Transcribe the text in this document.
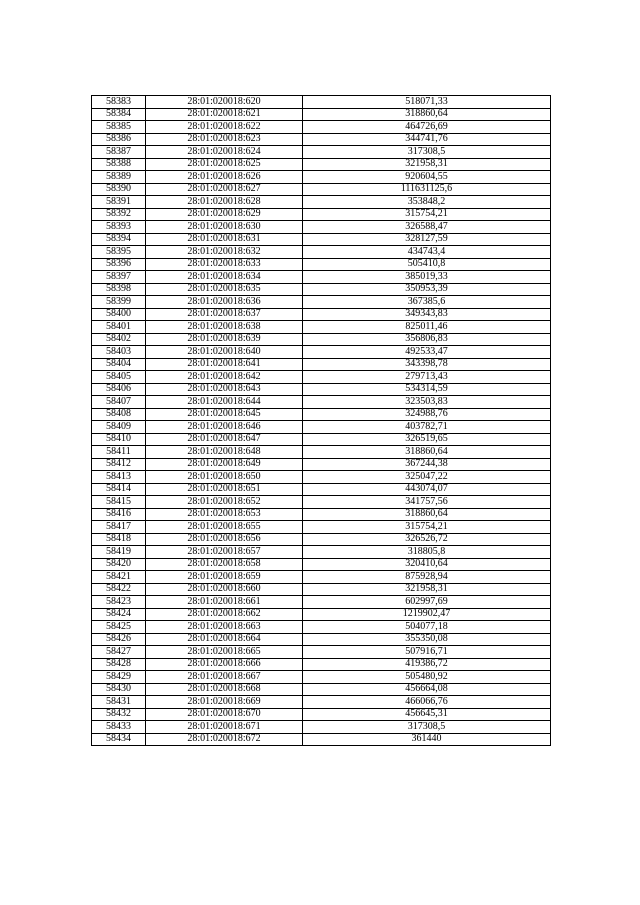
58383	28:01:020018:620	518071,33
58384	28:01:020018:621	318860,64
58385	28:01:020018:622	464726,69
58386	28:01:020018:623	344741,76
58387	28:01:020018:624	317308,5
58388	28:01:020018:625	321958,31
58389	28:01:020018:626	920604,55
58390	28:01:020018:627	111631125,6
58391	28:01:020018:628	353848,2
58392	28:01:020018:629	315754,21
58393	28:01:020018:630	326588,47
58394	28:01:020018:631	328127,59
58395	28:01:020018:632	434743,4
58396	28:01:020018:633	505410,8
58397	28:01:020018:634	385019,33
58398	28:01:020018:635	350953,39
58399	28:01:020018:636	367385,6
58400	28:01:020018:637	349343,83
58401	28:01:020018:638	825011,46
58402	28:01:020018:639	356806,83
58403	28:01:020018:640	492533,47
58404	28:01:020018:641	343398,78
58405	28:01:020018:642	279713,43
58406	28:01:020018:643	534314,59
58407	28:01:020018:644	323503,83
58408	28:01:020018:645	324988,76
58409	28:01:020018:646	403782,71
58410	28:01:020018:647	326519,65
58411	28:01:020018:648	318860,64
58412	28:01:020018:649	367244,38
58413	28:01:020018:650	325047,22
58414	28:01:020018:651	443074,07
58415	28:01:020018:652	341757,56
58416	28:01:020018:653	318860,64
58417	28:01:020018:655	315754,21
58418	28:01:020018:656	326526,72
58419	28:01:020018:657	318805,8
58420	28:01:020018:658	320410,64
58421	28:01:020018:659	875928,94
58422	28:01:020018:660	321958,31
58423	28:01:020018:661	602997,69
58424	28:01:020018:662	1219902,47
58425	28:01:020018:663	504077,18
58426	28:01:020018:664	355350,08
58427	28:01:020018:665	507916,71
58428	28:01:020018:666	419386,72
58429	28:01:020018:667	505480,92
58430	28:01:020018:668	456664,08
58431	28:01:020018:669	466066,76
58432	28:01:020018:670	456645,31
58433	28:01:020018:671	317308,5
58434	28:01:020018:672	361440
